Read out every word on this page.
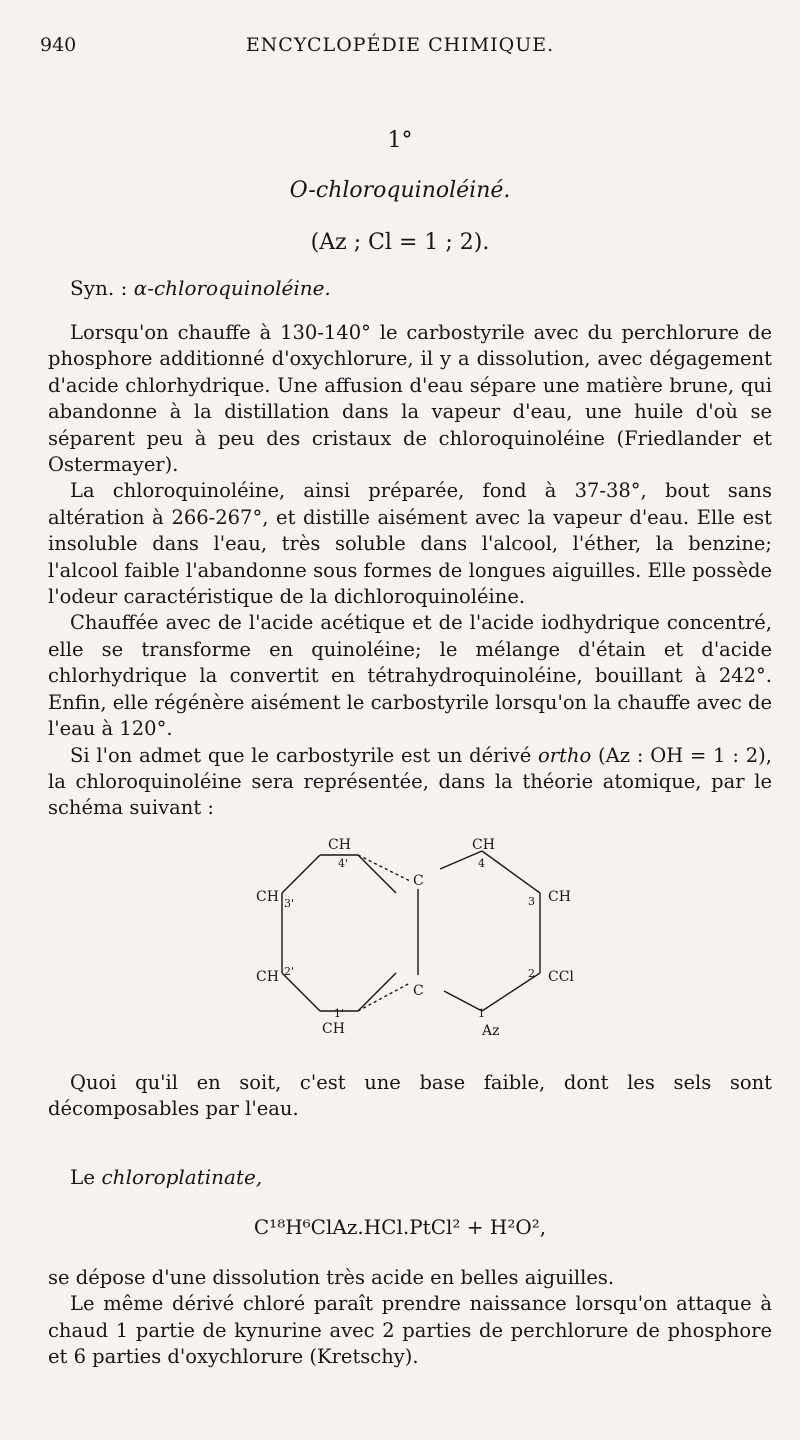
940	ENCYCLOPÉDIE CHIMIQUE.
1°
O-chloroquinoléiné.
(Az ; Cl = 1 ; 2).
Syn. : α-chloroquinoléine.

Lorsqu'on chauffe à 130-140° le carbostyrile avec du perchlorure de phosphore additionné d'oxychlorure, il y a dissolution, avec dégagement d'acide chlorhydrique. Une affusion d'eau sépare une matière brune, qui abandonne à la distillation dans la vapeur d'eau, une huile d'où se séparent peu à peu des cristaux de chloroquinoléine (Friedlander et Ostermayer).

La chloroquinoléine, ainsi préparée, fond à 37-38°, bout sans altération à 266-267°, et distille aisément avec la vapeur d'eau. Elle est insoluble dans l'eau, très soluble dans l'alcool, l'éther, la benzine; l'alcool faible l'abandonne sous formes de longues aiguilles. Elle possède l'odeur caractéristique de la dichloroquinoléine.

Chauffée avec de l'acide acétique et de l'acide iodhydrique concentré, elle se transforme en quinoléine; le mélange d'étain et d'acide chlorhydrique la convertit en tétrahydroquinoléine, bouillant à 242°. Enfin, elle régénère aisément le carbostyrile lorsqu'on la chauffe avec de l'eau à 120°.

Si l'on admet que le carbostyrile est un dérivé ortho (Az : OH = 1 : 2), la chloroquinoléine sera représentée, dans la théorie atomique, par le schéma suivant :

CH
4'
CH
4
C
C
CH 3'
CH 2'
CH
3
CCl
2
CH
1'
Az
1

Quoi qu'il en soit, c'est une base faible, dont les sels sont décomposables par l'eau.

Le chloroplatinate,
C¹⁸H⁶ClAz.HCl.PtCl² + H²O²,

se dépose d'une dissolution très acide en belles aiguilles.

Le même dérivé chloré paraît prendre naissance lorsqu'on attaque à chaud 1 partie de kynurine avec 2 parties de perchlorure de phosphore et 6 parties d'oxychlorure (Kretschy).
